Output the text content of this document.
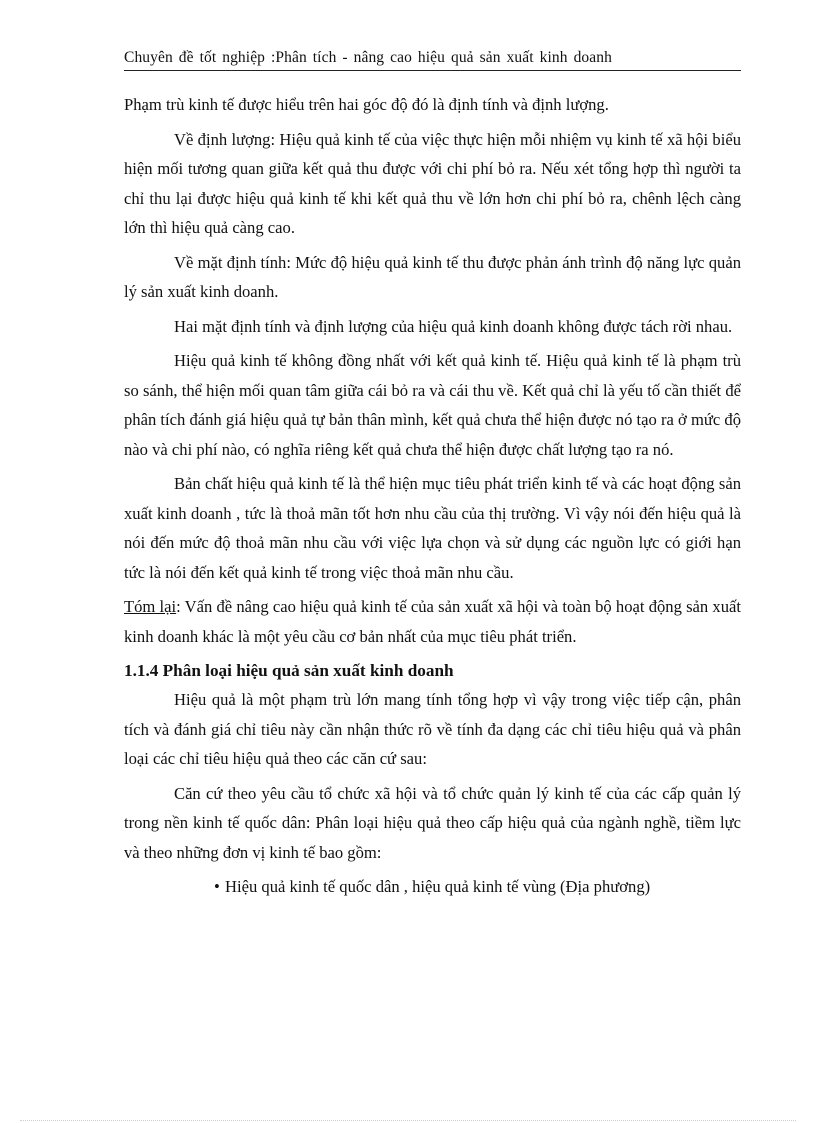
Chuyên đề tốt nghiệp :Phân tích - nâng cao hiệu quả sản xuất kinh doanh

Phạm trù kinh tế được hiểu trên hai góc độ đó là định tính và định lượng.

Về định lượng: Hiệu quả kinh tế của việc thực hiện mỗi nhiệm vụ kinh tế xã hội biểu hiện mối tương quan giữa kết quả thu được với chi phí bỏ ra. Nếu xét tổng hợp thì người ta chỉ thu lại được hiệu quả kinh tế khi kết quả thu về lớn hơn chi phí bỏ ra, chênh lệch càng lớn thì hiệu quả càng cao.

Về mặt định tính: Mức độ hiệu quả kinh tế thu được phản ánh trình độ năng lực quản lý sản xuất kinh doanh.

Hai mặt định tính và định lượng của hiệu quả kinh doanh không được tách rời nhau.

Hiệu quả kinh tế không đồng nhất với kết quả kinh tế. Hiệu quả kinh tế là phạm trù so sánh, thể hiện mối quan tâm giữa cái bỏ ra và cái thu về. Kết quả chỉ là yếu tố cần thiết để phân tích đánh giá hiệu quả tự bản thân mình, kết quả chưa thể hiện được nó tạo ra ở mức độ nào và chi phí nào, có nghĩa riêng kết quả chưa thể hiện được chất lượng tạo ra nó.

Bản chất hiệu quả kinh tế là thể hiện mục tiêu phát triển kinh tế và các hoạt động sản xuất kinh doanh , tức là thoả mãn tốt hơn nhu cầu của thị trường. Vì vậy nói đến hiệu quả là nói đến mức độ thoả mãn nhu cầu với việc lựa chọn và sử dụng các nguồn lực có giới hạn tức là nói đến kết quả kinh tế trong việc thoả mãn nhu cầu.

Tóm lại: Vấn đề nâng cao hiệu quả kinh tế của sản xuất xã hội và toàn bộ hoạt động sản xuất kinh doanh khác là một yêu cầu cơ bản nhất của mục tiêu phát triển.

1.1.4 Phân loại hiệu quả sản xuất kinh doanh

Hiệu quả là một phạm trù lớn mang tính tổng hợp vì vậy trong việc tiếp cận, phân tích và đánh giá chỉ tiêu này cần nhận thức rõ về tính đa dạng các chỉ tiêu hiệu quả và phân loại các chỉ tiêu hiệu quả theo các căn cứ sau:

Căn cứ theo yêu cầu tổ chức xã hội và tổ chức quản lý kinh tế của các cấp quản lý trong nền kinh tế quốc dân: Phân loại hiệu quả theo cấp hiệu quả của ngành nghề, tiềm lực và theo những đơn vị kinh tế bao gồm:

• Hiệu quả kinh tế quốc dân , hiệu quả kinh tế vùng (Địa phương)
